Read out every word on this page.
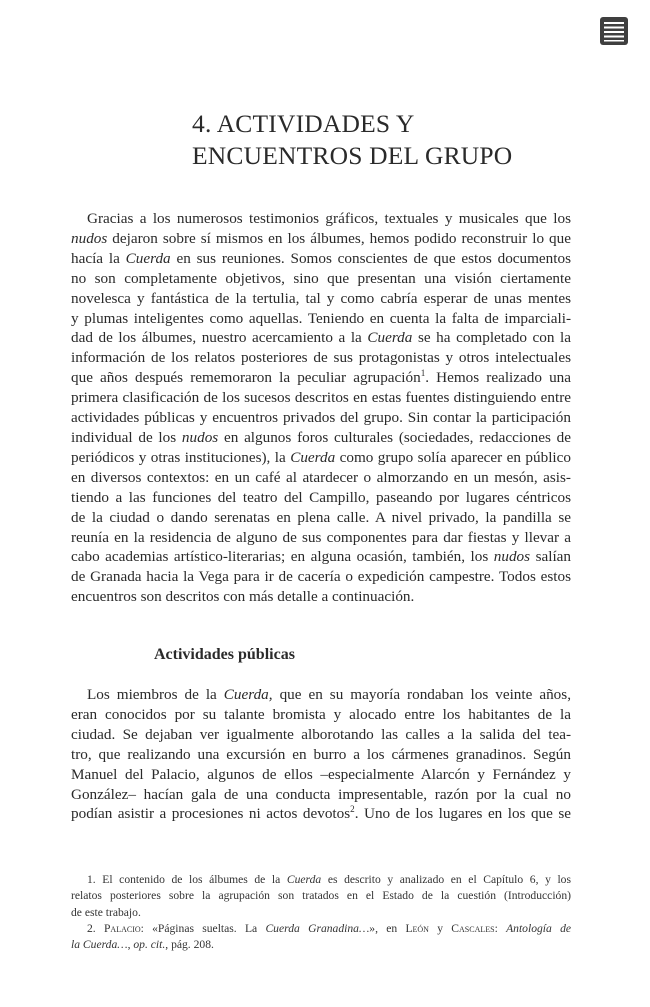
4. ACTIVIDADES Y
ENCUENTROS DEL GRUPO

Gracias a los numerosos testimonios gráficos, textuales y musicales que los
nudos dejaron sobre sí mismos en los álbumes, hemos podido reconstruir lo que
hacía la Cuerda en sus reuniones. Somos conscientes de que estos documentos
no son completamente objetivos, sino que presentan una visión ciertamente
novelesca y fantástica de la tertulia, tal y como cabría esperar de unas mentes
y plumas inteligentes como aquellas. Teniendo en cuenta la falta de imparciali-
dad de los álbumes, nuestro acercamiento a la Cuerda se ha completado con la
información de los relatos posteriores de sus protagonistas y otros intelectuales
que años después rememoraron la peculiar agrupación$^1$. Hemos realizado una
primera clasificación de los sucesos descritos en estas fuentes distinguiendo entre
actividades públicas y encuentros privados del grupo. Sin contar la participación
individual de los nudos en algunos foros culturales (sociedades, redacciones de
periódicos y otras instituciones), la Cuerda como grupo solía aparecer en público
en diversos contextos: en un café al atardecer o almorzando en un mesón, asis-
tiendo a las funciones del teatro del Campillo, paseando por lugares céntricos
de la ciudad o dando serenatas en plena calle. A nivel privado, la pandilla se
reunía en la residencia de alguno de sus componentes para dar fiestas y llevar a
cabo academias artístico-literarias; en alguna ocasión, también, los nudos salían
de Granada hacia la Vega para ir de cacería o expedición campestre. Todos estos
encuentros son descritos con más detalle a continuación.

Actividades públicas

Los miembros de la Cuerda, que en su mayoría rondaban los veinte años,
eran conocidos por su talante bromista y alocado entre los habitantes de la
ciudad. Se dejaban ver igualmente alborotando las calles a la salida del tea-
tro, que realizando una excursión en burro a los cármenes granadinos. Según
Manuel del Palacio, algunos de ellos –especialmente Alarcón y Fernández y
González– hacían gala de una conducta impresentable, razón por la cual no
podían asistir a procesiones ni actos devotos$^2$. Uno de los lugares en los que se

1. El contenido de los álbumes de la Cuerda es descrito y analizado en el Capítulo 6, y los
relatos posteriores sobre la agrupación son tratados en el Estado de la cuestión (Introducción)
de este trabajo.
2. Palacio: «Páginas sueltas. La Cuerda Granadina…», en León y Cascales: Antología de
la Cuerda…, op. cit., pág. 208.
